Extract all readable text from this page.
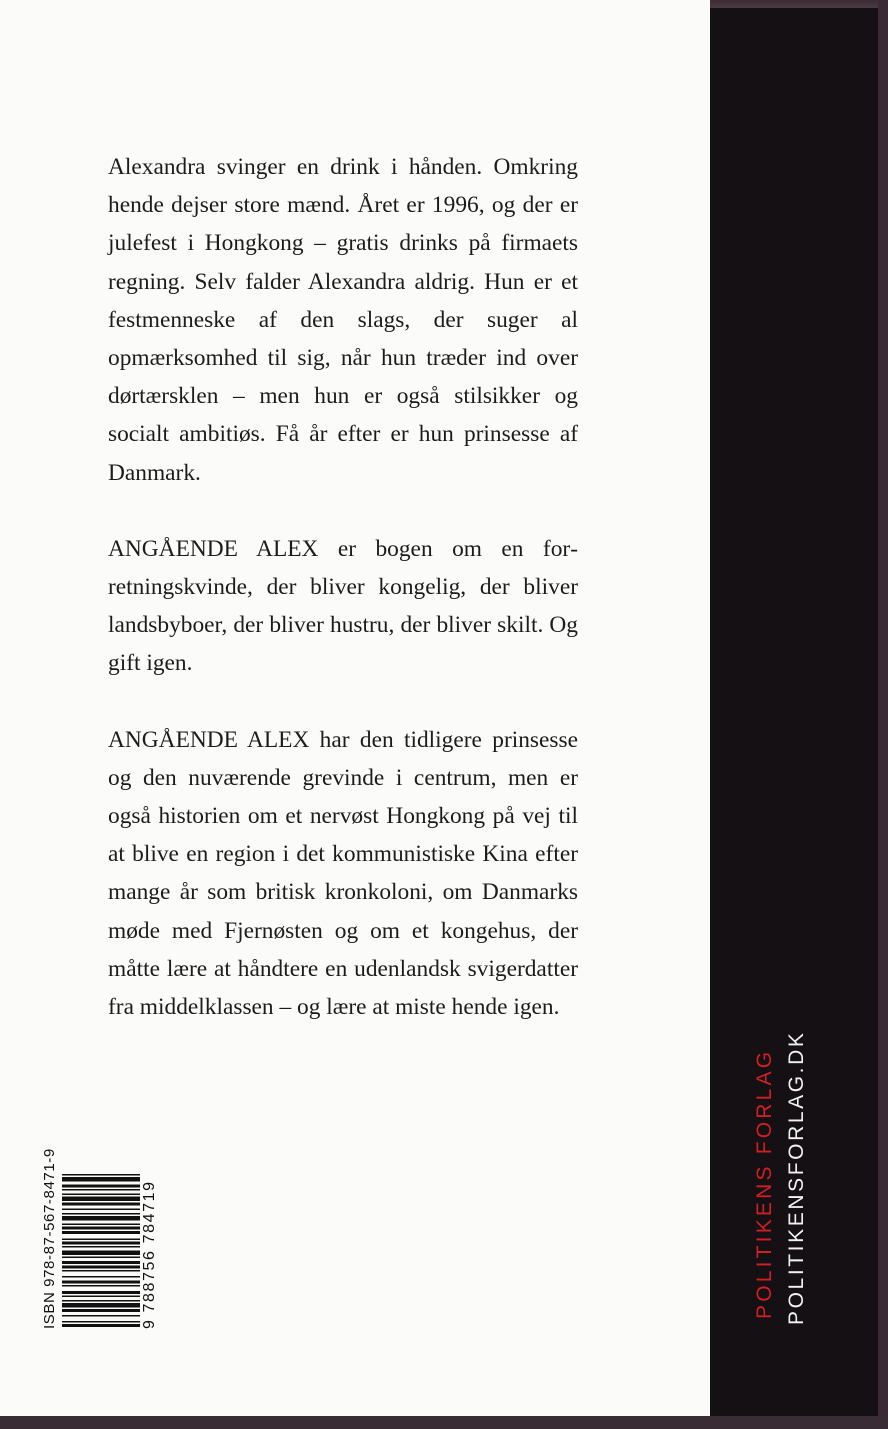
Alexandra svinger en drink i hånden. Omkring hende dejser store mænd. Året er 1996, og der er julefest i Hongkong – gratis drinks på firmaets regning. Selv falder Alexandra aldrig. Hun er et festmenneske af den slags, der suger al opmærksomhed til sig, når hun træder ind over dørtærsklen – men hun er også stilsikker og socialt ambitiøs. Få år efter er hun prinsesse af Danmark.

ANGÅENDE ALEX er bogen om en forretningskvinde, der bliver kongelig, der bliver landsbyboer, der bliver hustru, der bliver skilt. Og gift igen.

ANGÅENDE ALEX har den tidligere prinsesse og den nuværende grevinde i centrum, men er også historien om et nervøst Hongkong på vej til at blive en region i det kommunistiske Kina efter mange år som britisk kronkoloni, om Danmarks møde med Fjernøsten og om et kongehus, der måtte lære at håndtere en udenlandsk svigerdatter fra middelklassen – og lære at miste hende igen.

ISBN 978-87-567-8471-9	9 788756 784719	POLITIKENS FORLAG POLITIKENSFORLAG.DK
